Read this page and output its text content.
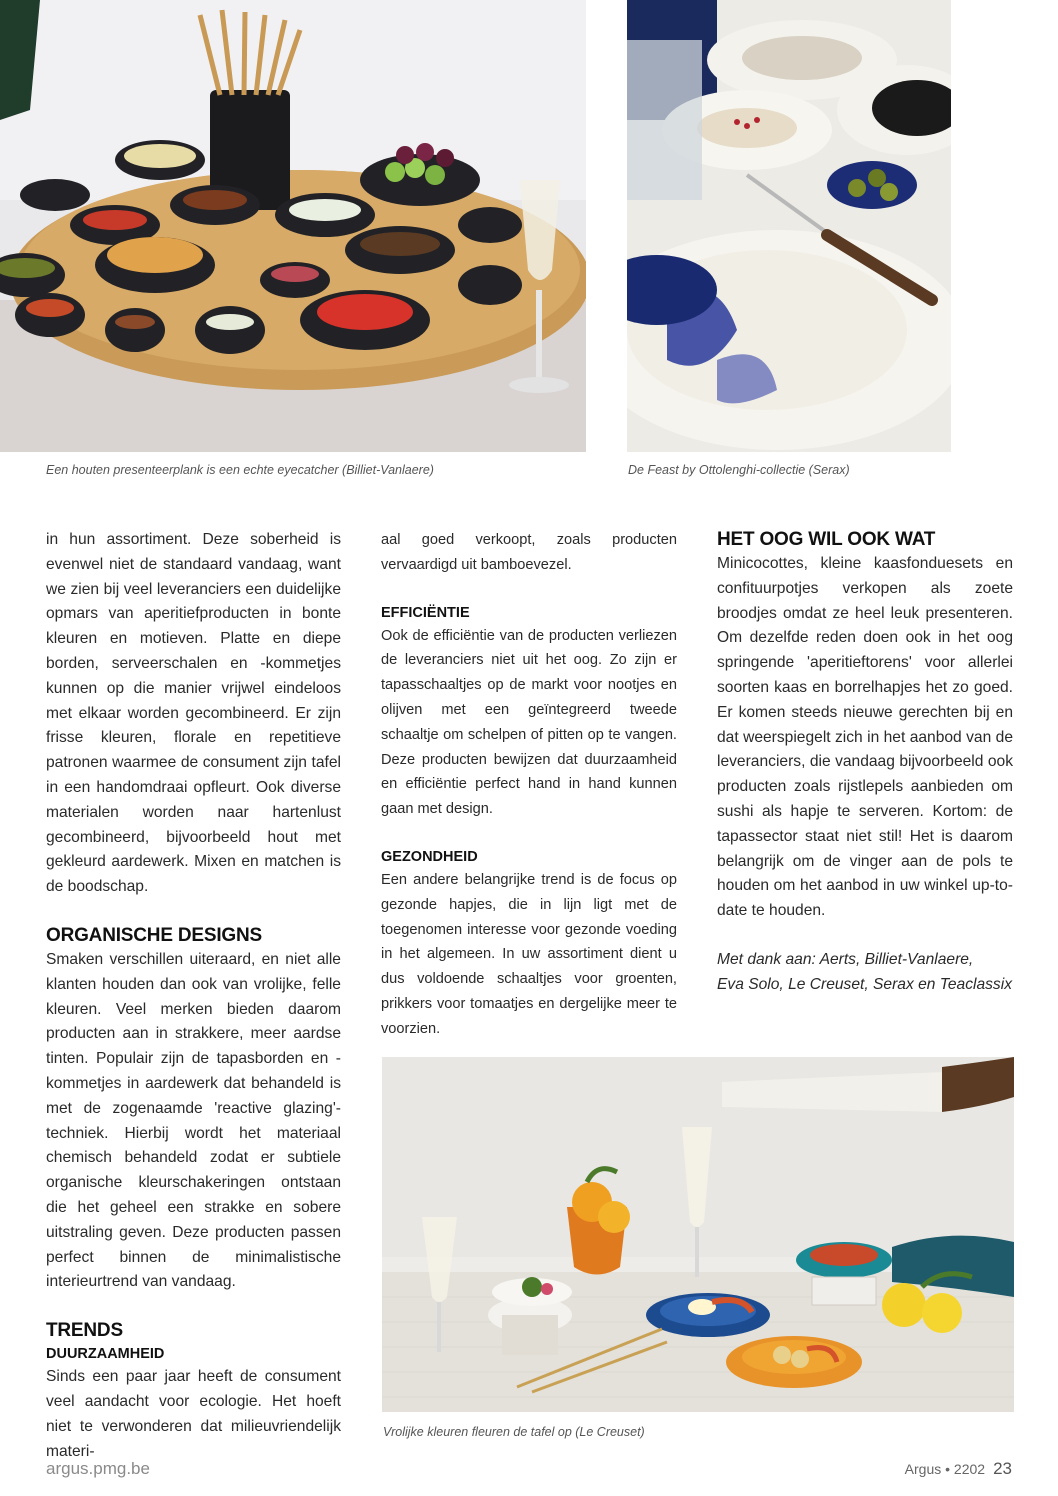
Een houten presenteerplank is een echte eyecatcher (Billiet-Vanlaere)	De Feast by Ottolenghi-collectie (Serax)

in hun assortiment. Deze soberheid is evenwel niet de standaard vandaag, want we zien bij veel leveranciers een duidelijke opmars van aperitiefproducten in bonte kleuren en motieven. Platte en diepe borden, serveerschalen en -kommetjes kunnen op die manier vrijwel eindeloos met elkaar worden gecombineerd. Er zijn frisse kleuren, florale en repetitieve patronen waarmee de consument zijn tafel in een handomdraai opfleurt. Ook diverse materialen worden naar hartenlust gecombineerd, bijvoorbeeld hout met gekleurd aardewerk. Mixen en matchen is de boodschap.

ORGANISCHE DESIGNS

Smaken verschillen uiteraard, en niet alle klanten houden dan ook van vrolijke, felle kleuren. Veel merken bieden daarom producten aan in strakkere, meer aardse tinten. Populair zijn de tapasborden en -kommetjes in aardewerk dat behandeld is met de zogenaamde 'reactive glazing'-techniek. Hierbij wordt het materiaal chemisch behandeld zodat er subtiele organische kleurschakeringen ontstaan die het geheel een strakke en sobere uitstraling geven. Deze producten passen perfect binnen de minimalistische interieurtrend van vandaag.

TRENDS
DUURZAAMHEID

Sinds een paar jaar heeft de consument veel aandacht voor ecologie. Het hoeft niet te verwonderen dat milieuvriendelijk materi-

aal goed verkoopt, zoals producten vervaardigd uit bamboevezel.

EFFICIËNTIE

Ook de efficiëntie van de producten verliezen de leveranciers niet uit het oog. Zo zijn er tapasschaaltjes op de markt voor nootjes en olijven met een geïntegreerd tweede schaaltje om schelpen of pitten op te vangen. Deze producten bewijzen dat duurzaamheid en efficiëntie perfect hand in hand kunnen gaan met design.

GEZONDHEID

Een andere belangrijke trend is de focus op gezonde hapjes, die in lijn ligt met de toegenomen interesse voor gezonde voeding in het algemeen. In uw assortiment dient u dus voldoende schaaltjes voor groenten, prikkers voor tomaatjes en dergelijke meer te voorzien.

HET OOG WIL OOK WAT

Minicocottes, kleine kaasfonduesets en confituurpotjes verkopen als zoete broodjes omdat ze heel leuk presenteren. Om dezelfde reden doen ook in het oog springende 'aperitieftorens' voor allerlei soorten kaas en borrelhapjes het zo goed. Er komen steeds nieuwe gerechten bij en dat weerspiegelt zich in het aanbod van de leveranciers, die vandaag bijvoorbeeld ook producten zoals rijstlepels aanbieden om sushi als hapje te serveren. Kortom: de tapassector staat niet stil! Het is daarom belangrijk om de vinger aan de pols te houden om het aanbod in uw winkel up-to-date te houden.

Met dank aan: Aerts, Billiet-Vanlaere,

Eva Solo, Le Creuset, Serax en Teaclassix

Vrolijke kleuren fleuren de tafel op (Le Creuset)
argus.pmg.be	Argus • 2202 23
